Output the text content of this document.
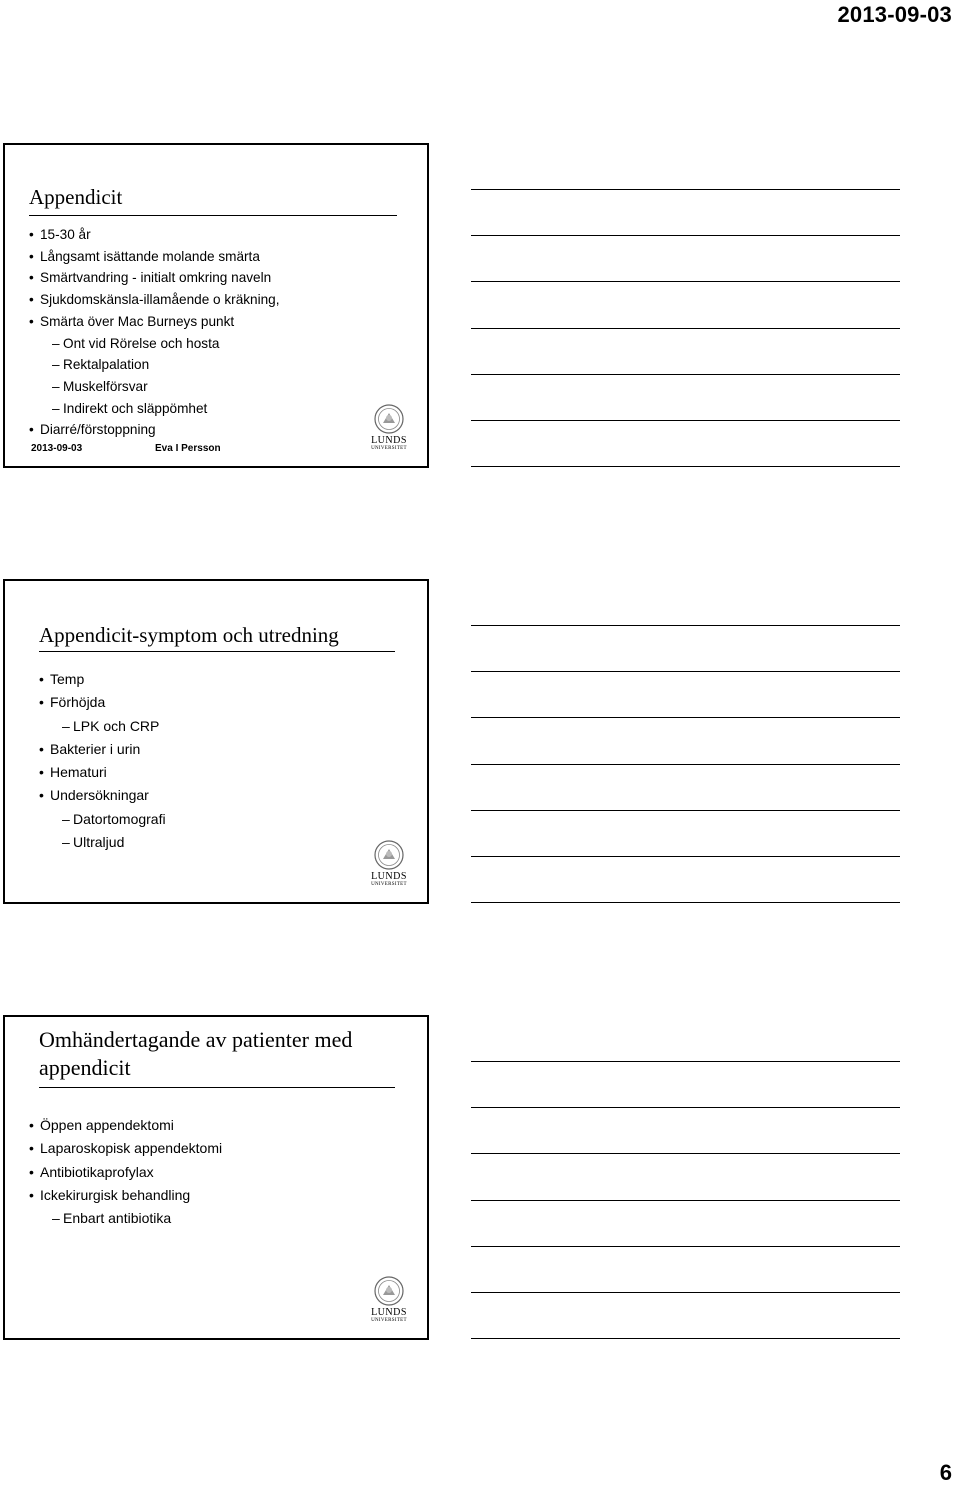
2013-09-03
Appendicit
• 15-30 år
• Långsamt isättande molande smärta
• Smärtvandring - initialt omkring naveln
• Sjukdomskänsla-illamående o kräkning,
• Smärta över Mac Burneys punkt
– Ont vid Rörelse och hosta
– Rektalpalation
– Muskelförsvar
– Indirekt och släppömhet
• Diarré/förstoppning
2013-09-03	Eva I Persson
LUNDS
UNIVERSITET
Appendicit-symptom och utredning
• Temp
• Förhöjda
– LPK och CRP
• Bakterier i urin
• Hematuri
• Undersökningar
– Datortomografi
– Ultraljud
LUNDS
UNIVERSITET
Omhändertagande av patienter med
appendicit
• Öppen appendektomi
• Laparoskopisk appendektomi
• Antibiotikaprofylax
• Ickekirurgisk behandling
– Enbart antibiotika
LUNDS
UNIVERSITET
6
